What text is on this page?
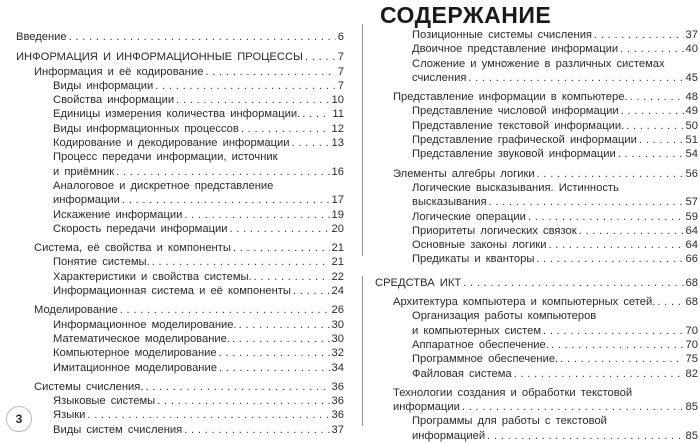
СОДЕРЖАНИЕ
Введение . . .	6
ИНФОРМАЦИЯ И ИНФОРМАЦИОННЫЕ ПРОЦЕССЫ . . .	7
Информация и её кодирование . . .	7
Виды информации . . .	7
Свойства информации . . .	10
Единицы измерения количества информации. . . .	11
Виды информационных процессов . . .	12
Кодирование и декодирование информации . . .	13
Процесс передачи информации, источник
и приёмник . . .	16
Аналоговое и дискретное представление
информации . . .	17
Искажение информации . . .	19
Скорость передачи информации . . .	20
Система, её свойства и компоненты . . .	21
Понятие системы. . . .	21
Характеристики и свойства системы. . . .	22
Информационная система и её компоненты . . .	24
Моделирование . . .	26
Информационное моделирование. . . .	30
Математическое моделирование. . . .	30
Компьютерное моделирование . . .	32
Имитационное моделирование . . .	34
Системы счисления. . . .	36
Языковые системы . . .	36
Языки . . .	36
Виды систем счисления . . .	37
Позиционные системы счисления . . .	37
Двоичное представление информации . . .	40
Сложение и умножение в различных системах
счисления . . .	45
Представление информации в компьютере. . . .	48
Представление числовой информации . . .	49
Представление текстовой информации. . . .	50
Представление графической информации . . .	51
Представление звуковой информации . . .	54
Элементы алгебры логики . . .	56
Логические высказывания. Истинность
высказывания . . .	57
Логические операции . . .	59
Приоритеты логических связок . . .	64
Основные законы логики . . .	64
Предикаты и кванторы . . .	66
СРЕДСТВА ИКТ . . .	68
Архитектура компьютера и компьютерных сетей. . . .	68
Организация работы компьютеров
и компьютерных систем . . .	70
Аппаратное обеспечение. . . .	70
Программное обеспечение. . . .	75
Файловая система . . .	82
Технологии создания и обработки текстовой
информации . . .	85
Программы для работы с текстовой
информацией . . .	85
3
